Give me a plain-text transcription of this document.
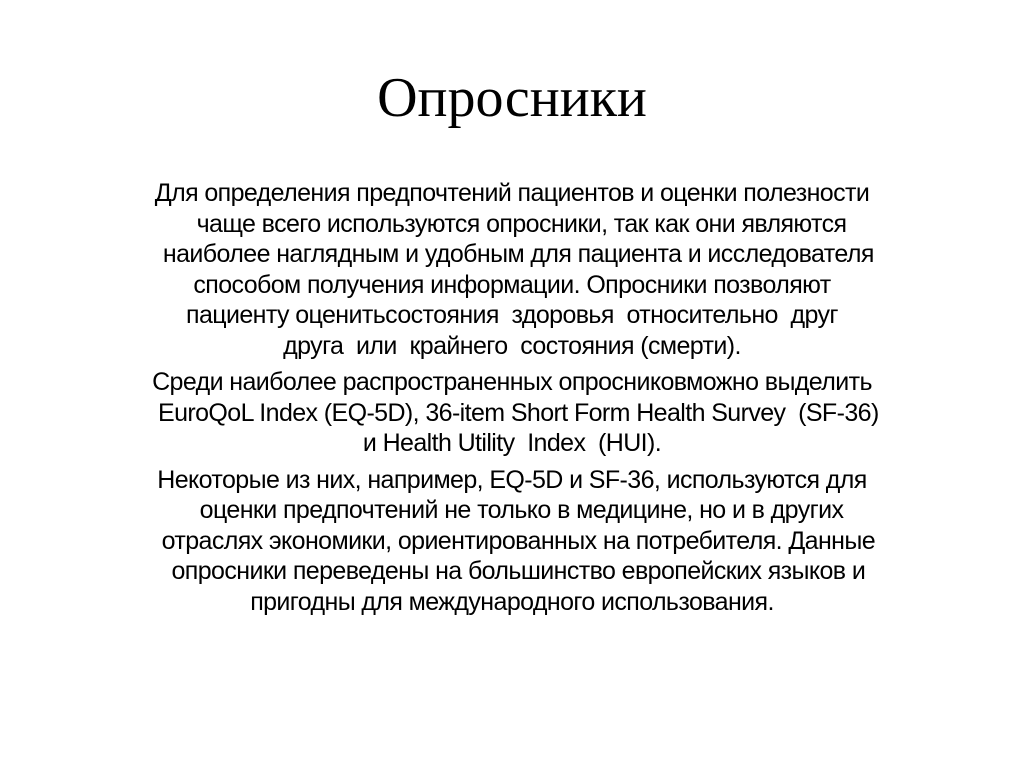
Опросники

Для определения предпочтений пациентов и оценки полезности
чаще всего используются опросники, так как они являются
наиболее наглядным и удобным для пациента и исследователя
способом получения информации. Опросники позволяют
пациенту оценитьсостояния  здоровья  относительно  друг
друга  или  крайнего  состояния (смерти).

Среди наиболее распространенных опросниковможно выделить
EuroQoL Index (EQ-5D), 36-item Short Form Health Survey  (SF-36)
и Health Utility  Index  (HUI).

Некоторые из них, например, EQ-5D и SF-36, используются для
оценки предпочтений не только в медицине, но и в других
отраслях экономики, ориентированных на потребителя. Данные
опросники переведены на большинство европейских языков и
пригодны для международного использования.
